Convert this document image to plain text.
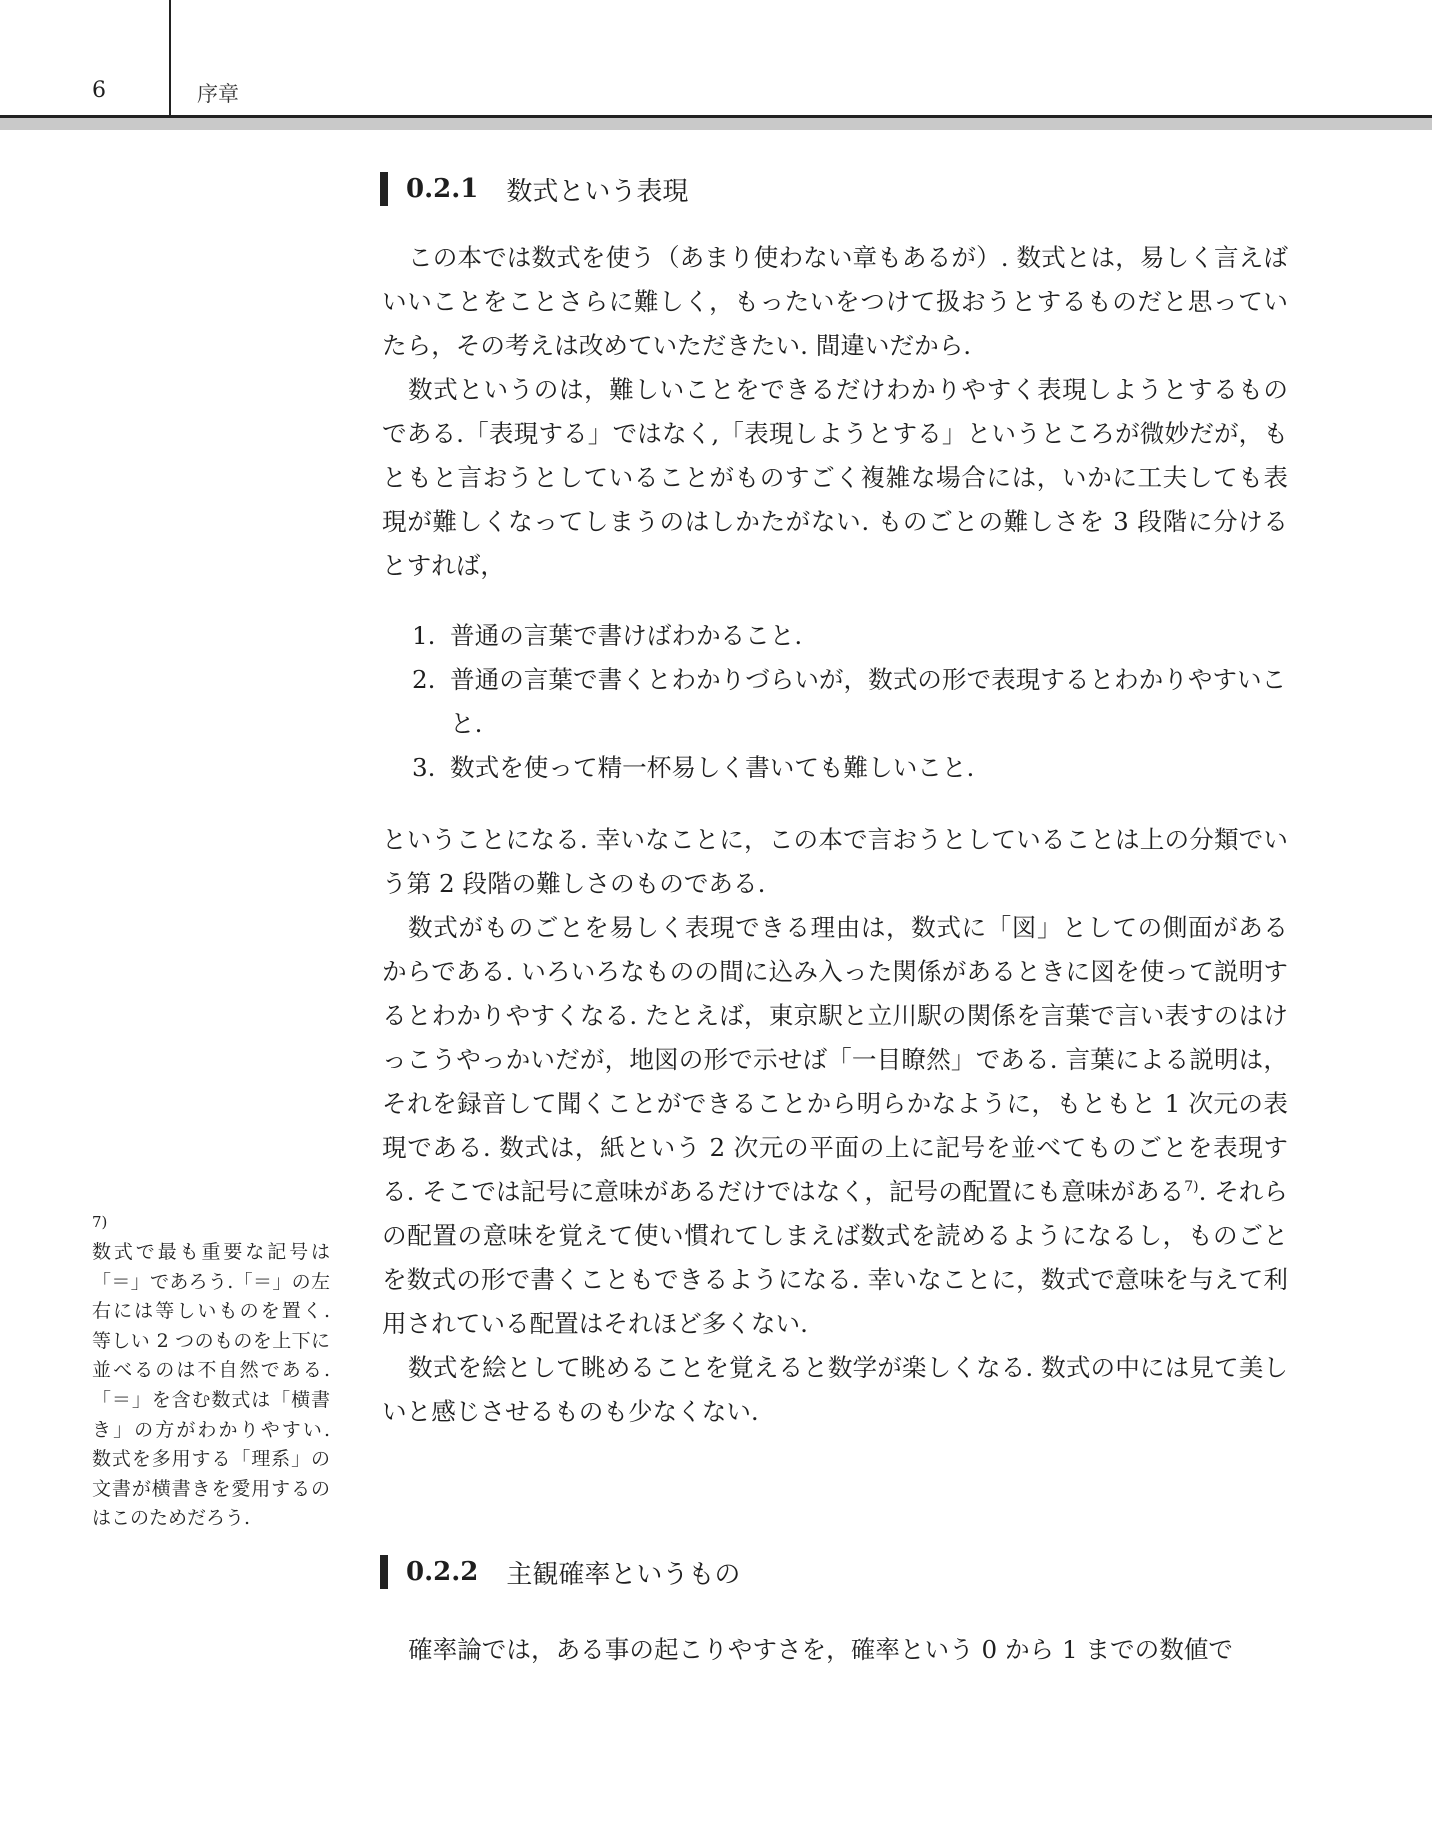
6	序章
0.2.1 数式という表現

この本では数式を使う（あまり使わない章もあるが）. 数式とは，易しく言えばいいことをことさらに難しく，もったいをつけて扱おうとするものだと思っていたら，その考えは改めていただきたい. 間違いだから.

数式というのは，難しいことをできるだけわかりやすく表現しようとするものである.「表現する」ではなく,「表現しようとする」というところが微妙だが，もともと言おうとしていることがものすごく複雑な場合には，いかに工夫しても表現が難しくなってしまうのはしかたがない. ものごとの難しさを 3 段階に分けるとすれば，

1. 普通の言葉で書けばわかること.
2. 普通の言葉で書くとわかりづらいが，数式の形で表現するとわかりやすいこと.
3. 数式を使って精一杯易しく書いても難しいこと.

ということになる. 幸いなことに，この本で言おうとしていることは上の分類でいう第 2 段階の難しさのものである.

数式がものごとを易しく表現できる理由は，数式に「図」としての側面があるからである. いろいろなものの間に込み入った関係があるときに図を使って説明するとわかりやすくなる. たとえば，東京駅と立川駅の関係を言葉で言い表すのはけっこうやっかいだが，地図の形で示せば「一目瞭然」である. 言葉による説明は，それを録音して聞くことができることから明らかなように，もともと 1 次元の表現である. 数式は，紙という 2 次元の平面の上に記号を並べてものごとを表現する. そこでは記号に意味があるだけではなく，記号の配置にも意味がある$^{7)}$. それらの配置の意味を覚えて使い慣れてしまえば数式を読めるようになるし，ものごとを数式の形で書くこともできるようになる. 幸いなことに，数式で意味を与えて利用されている配置はそれほど多くない.

数式を絵として眺めることを覚えると数学が楽しくなる. 数式の中には見て美しいと感じさせるものも少なくない.

0.2.2 主観確率というもの

確率論では，ある事の起こりやすさを，確率という 0 から 1 までの数値で

7)
数式で最も重要な記号は「＝」であろう.「＝」の左右には等しいものを置く. 等しい 2 つのものを上下に並べるのは不自然である.「＝」を含む数式は「横書き」の方がわかりやすい. 数式を多用する「理系」の文書が横書きを愛用するのはこのためだろう.
